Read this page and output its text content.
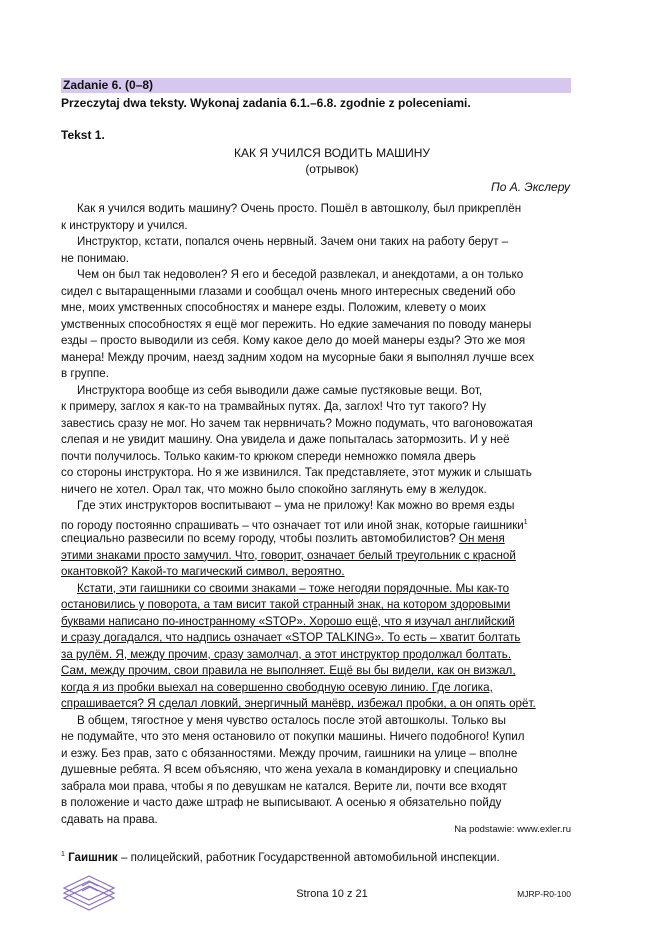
Zadanie 6. (0–8)
Przeczytaj dwa teksty. Wykonaj zadania 6.1.–6.8. zgodnie z poleceniami.
Tekst 1.
КАК Я УЧИЛСЯ ВОДИТЬ МАШИНУ
(отрывок)
По А. Экслеру
Как я учился водить машину? Очень просто. Пошёл в автошколу, был прикреплён
к инструктору и учился.
Инструктор, кстати, попался очень нервный. Зачем они таких на работу берут –
не понимаю.
Чем он был так недоволен? Я его и беседой развлекал, и анекдотами, а он только
сидел с вытаращенными глазами и сообщал очень много интересных сведений обо
мне, моих умственных способностях и манере езды. Положим, клевету о моих
умственных способностях я ещё мог пережить. Но едкие замечания по поводу манеры
езды – просто выводили из себя. Кому какое дело до моей манеры езды? Это же моя
манера! Между прочим, наезд задним ходом на мусорные баки я выполнял лучше всех
в группе.
Инструктора вообще из себя выводили даже самые пустяковые вещи. Вот,
к примеру, заглох я как-то на трамвайных путях. Да, заглох! Что тут такого? Ну
завестись сразу не мог. Но зачем так нервничать? Можно подумать, что вагоновожатая
слепая и не увидит машину. Она увидела и даже попыталась затормозить. И у неё
почти получилось. Только каким-то крюком спереди немножко помяла дверь
со стороны инструктора. Но я же извинился. Так представляете, этот мужик и слышать
ничего не хотел. Орал так, что можно было спокойно заглянуть ему в желудок.
Где этих инструкторов воспитывают – ума не приложу! Как можно во время езды
по городу постоянно спрашивать – что означает тот или иной знак, которые гаишники$^1$
специально развесили по всему городу, чтобы позлить автомобилистов? Он меня
этими знаками просто замучил. Что, говорит, означает белый треугольник с красной
окантовкой? Какой-то магический символ, вероятно.
Кстати, эти гаишники со своими знаками – тоже негодяи порядочные. Мы как-то
остановились у поворота, а там висит такой странный знак, на котором здоровыми
буквами написано по-иностранному «STOP». Хорошо ещё, что я изучал английский
и сразу догадался, что надпись означает «STOP TALKING». То есть – хватит болтать
за рулём. Я, между прочим, сразу замолчал, а этот инструктор продолжал болтать.
Сам, между прочим, свои правила не выполняет. Ещё вы бы видели, как он визжал,
когда я из пробки выехал на совершенно свободную осевую линию. Где логика,
спрашивается? Я сделал ловкий, энергичный манёвр, избежал пробки, а он опять орёт.
В общем, тягостное у меня чувство осталось после этой автошколы. Только вы
не подумайте, что это меня остановило от покупки машины. Ничего подобного! Купил
и езжу. Без прав, зато с обязанностями. Между прочим, гаишники на улице – вполне
душевные ребята. Я всем объясняю, что жена уехала в командировку и специально
забрала мои права, чтобы я по девушкам не катался. Верите ли, почти все входят
в положение и часто даже штраф не выписывают. А осенью я обязательно пойду
сдавать на права.
Na podstawie: www.exler.ru
$^1$ Гаишник – полицейский, работник Государственной автомобильной инспекции.
Strona 10 z 21	MJRP-R0-100
